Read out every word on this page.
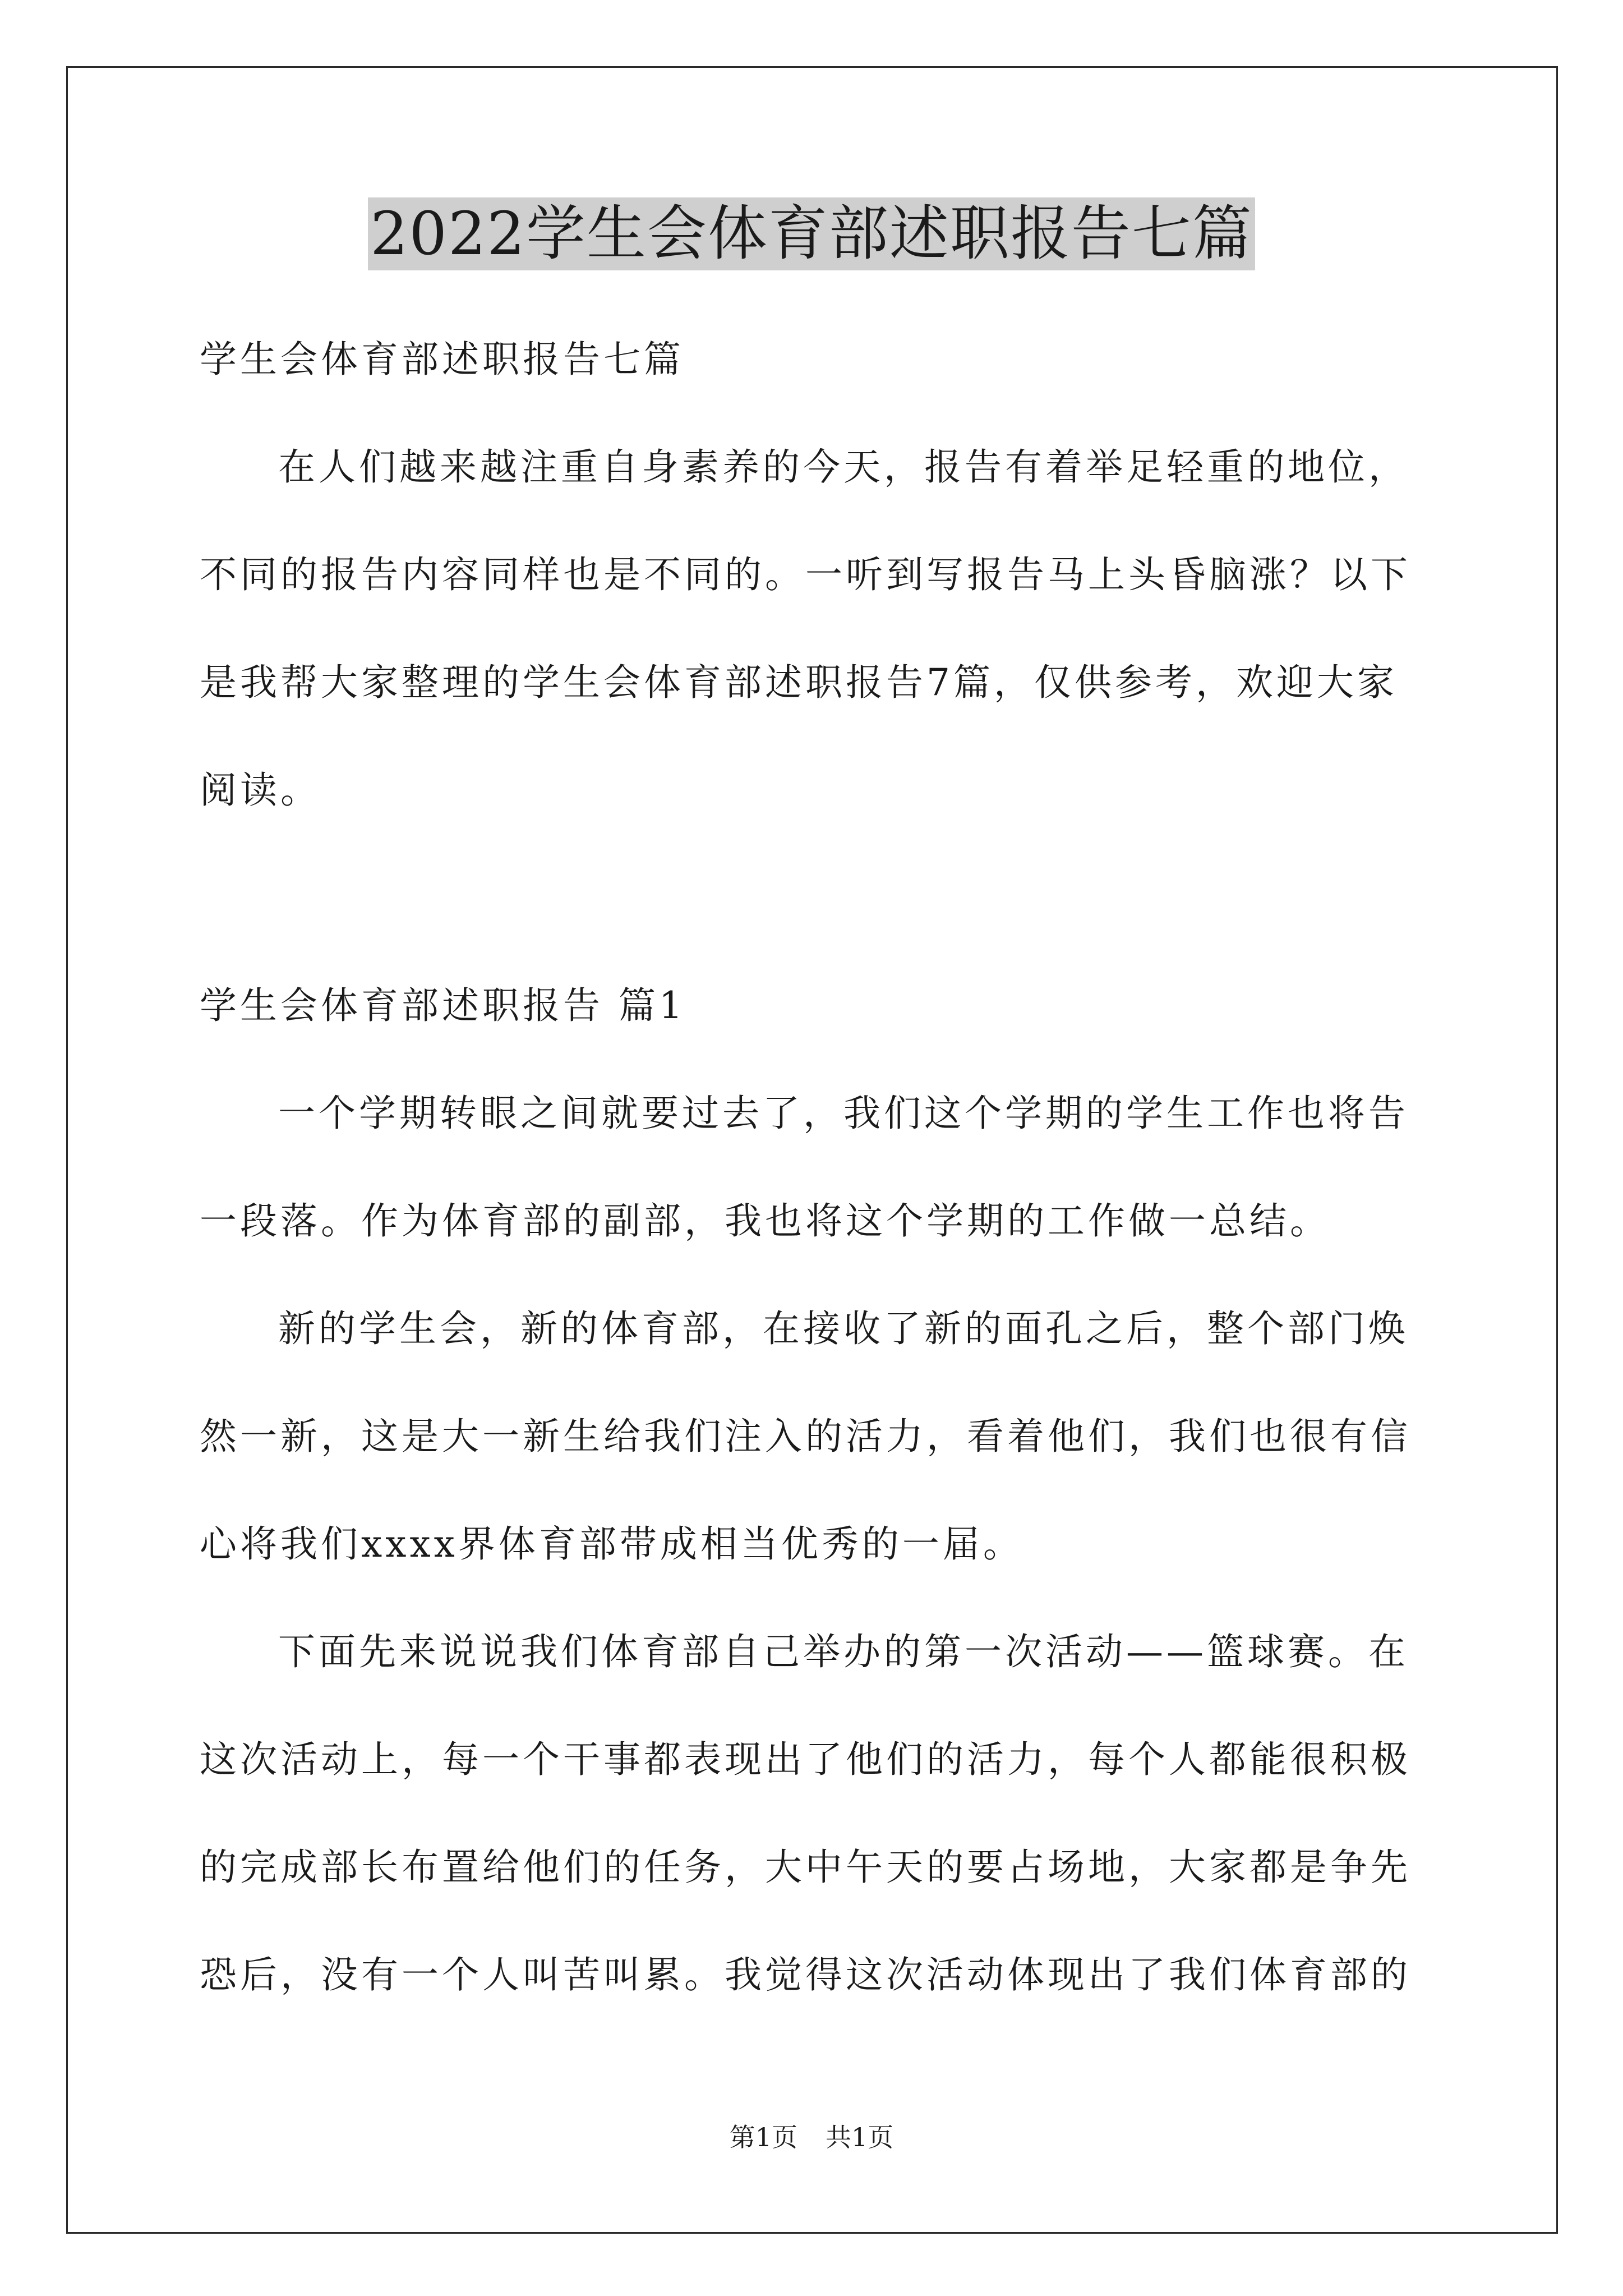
2022学生会体育部述职报告七篇
学生会体育部述职报告七篇
在人们越来越注重自身素养的今天，报告有着举足轻重的地位，
不同的报告内容同样也是不同的。一听到写报告马上头昏脑涨？以下
是我帮大家整理的学生会体育部述职报告7篇，仅供参考，欢迎大家
阅读。
学生会体育部述职报告 篇1
一个学期转眼之间就要过去了，我们这个学期的学生工作也将告
一段落。作为体育部的副部，我也将这个学期的工作做一总结。
新的学生会，新的体育部，在接收了新的面孔之后，整个部门焕
然一新，这是大一新生给我们注入的活力，看着他们，我们也很有信
心将我们xxxx界体育部带成相当优秀的一届。
下面先来说说我们体育部自己举办的第一次活动——篮球赛。在
这次活动上，每一个干事都表现出了他们的活力，每个人都能很积极
的完成部长布置给他们的任务，大中午天的要占场地，大家都是争先
恐后，没有一个人叫苦叫累。我觉得这次活动体现出了我们体育部的
第1页 共1页
